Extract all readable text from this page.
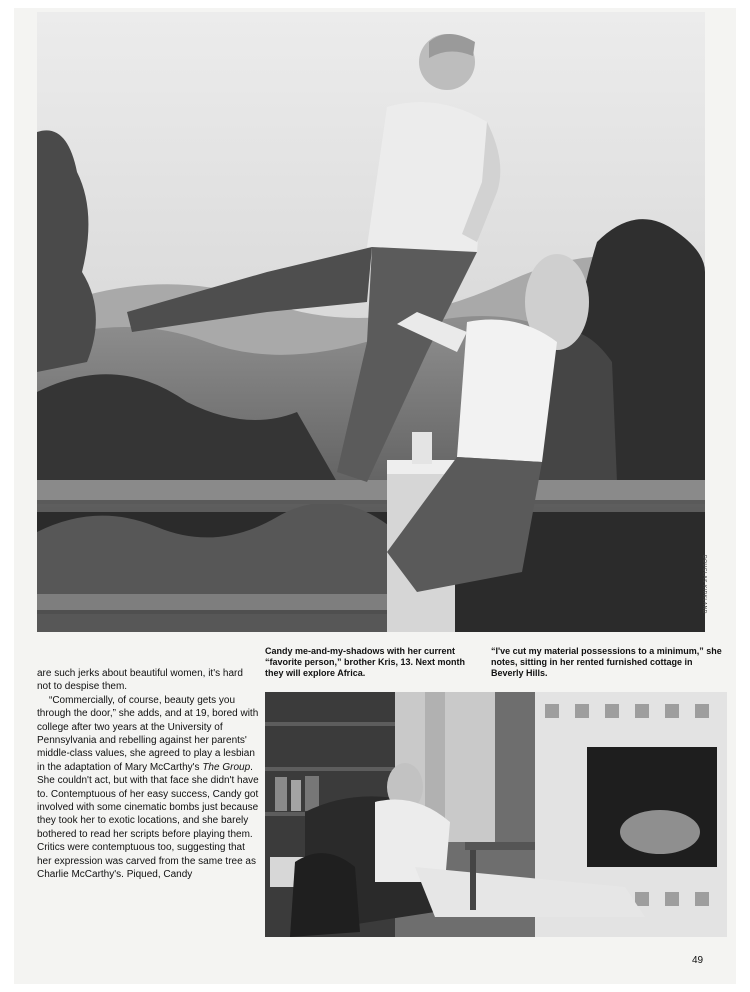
DOUGLAS KIRKLAND
Candy me-and-my-shadows with her current “favorite person,” brother Kris, 13. Next month they will explore Africa.
“I've cut my material possessions to a minimum,” she notes, sitting in her rented furnished cottage in Beverly Hills.

are such jerks about beautiful women, it's hard not to despise them.

“Commercially, of course, beauty gets you through the door,” she adds, and at 19, bored with college after two years at the University of Pennsylvania and rebelling against her parents' middle-class values, she agreed to play a lesbian in the adaptation of Mary McCarthy's The Group. She couldn't act, but with that face she didn't have to. Contemptuous of her easy success, Candy got involved with some cinematic bombs just because they took her to exotic locations, and she barely bothered to read her scripts before playing them. Critics were contemptuous too, suggesting that her expression was carved from the same tree as Charlie McCarthy's. Piqued, Candy

49
